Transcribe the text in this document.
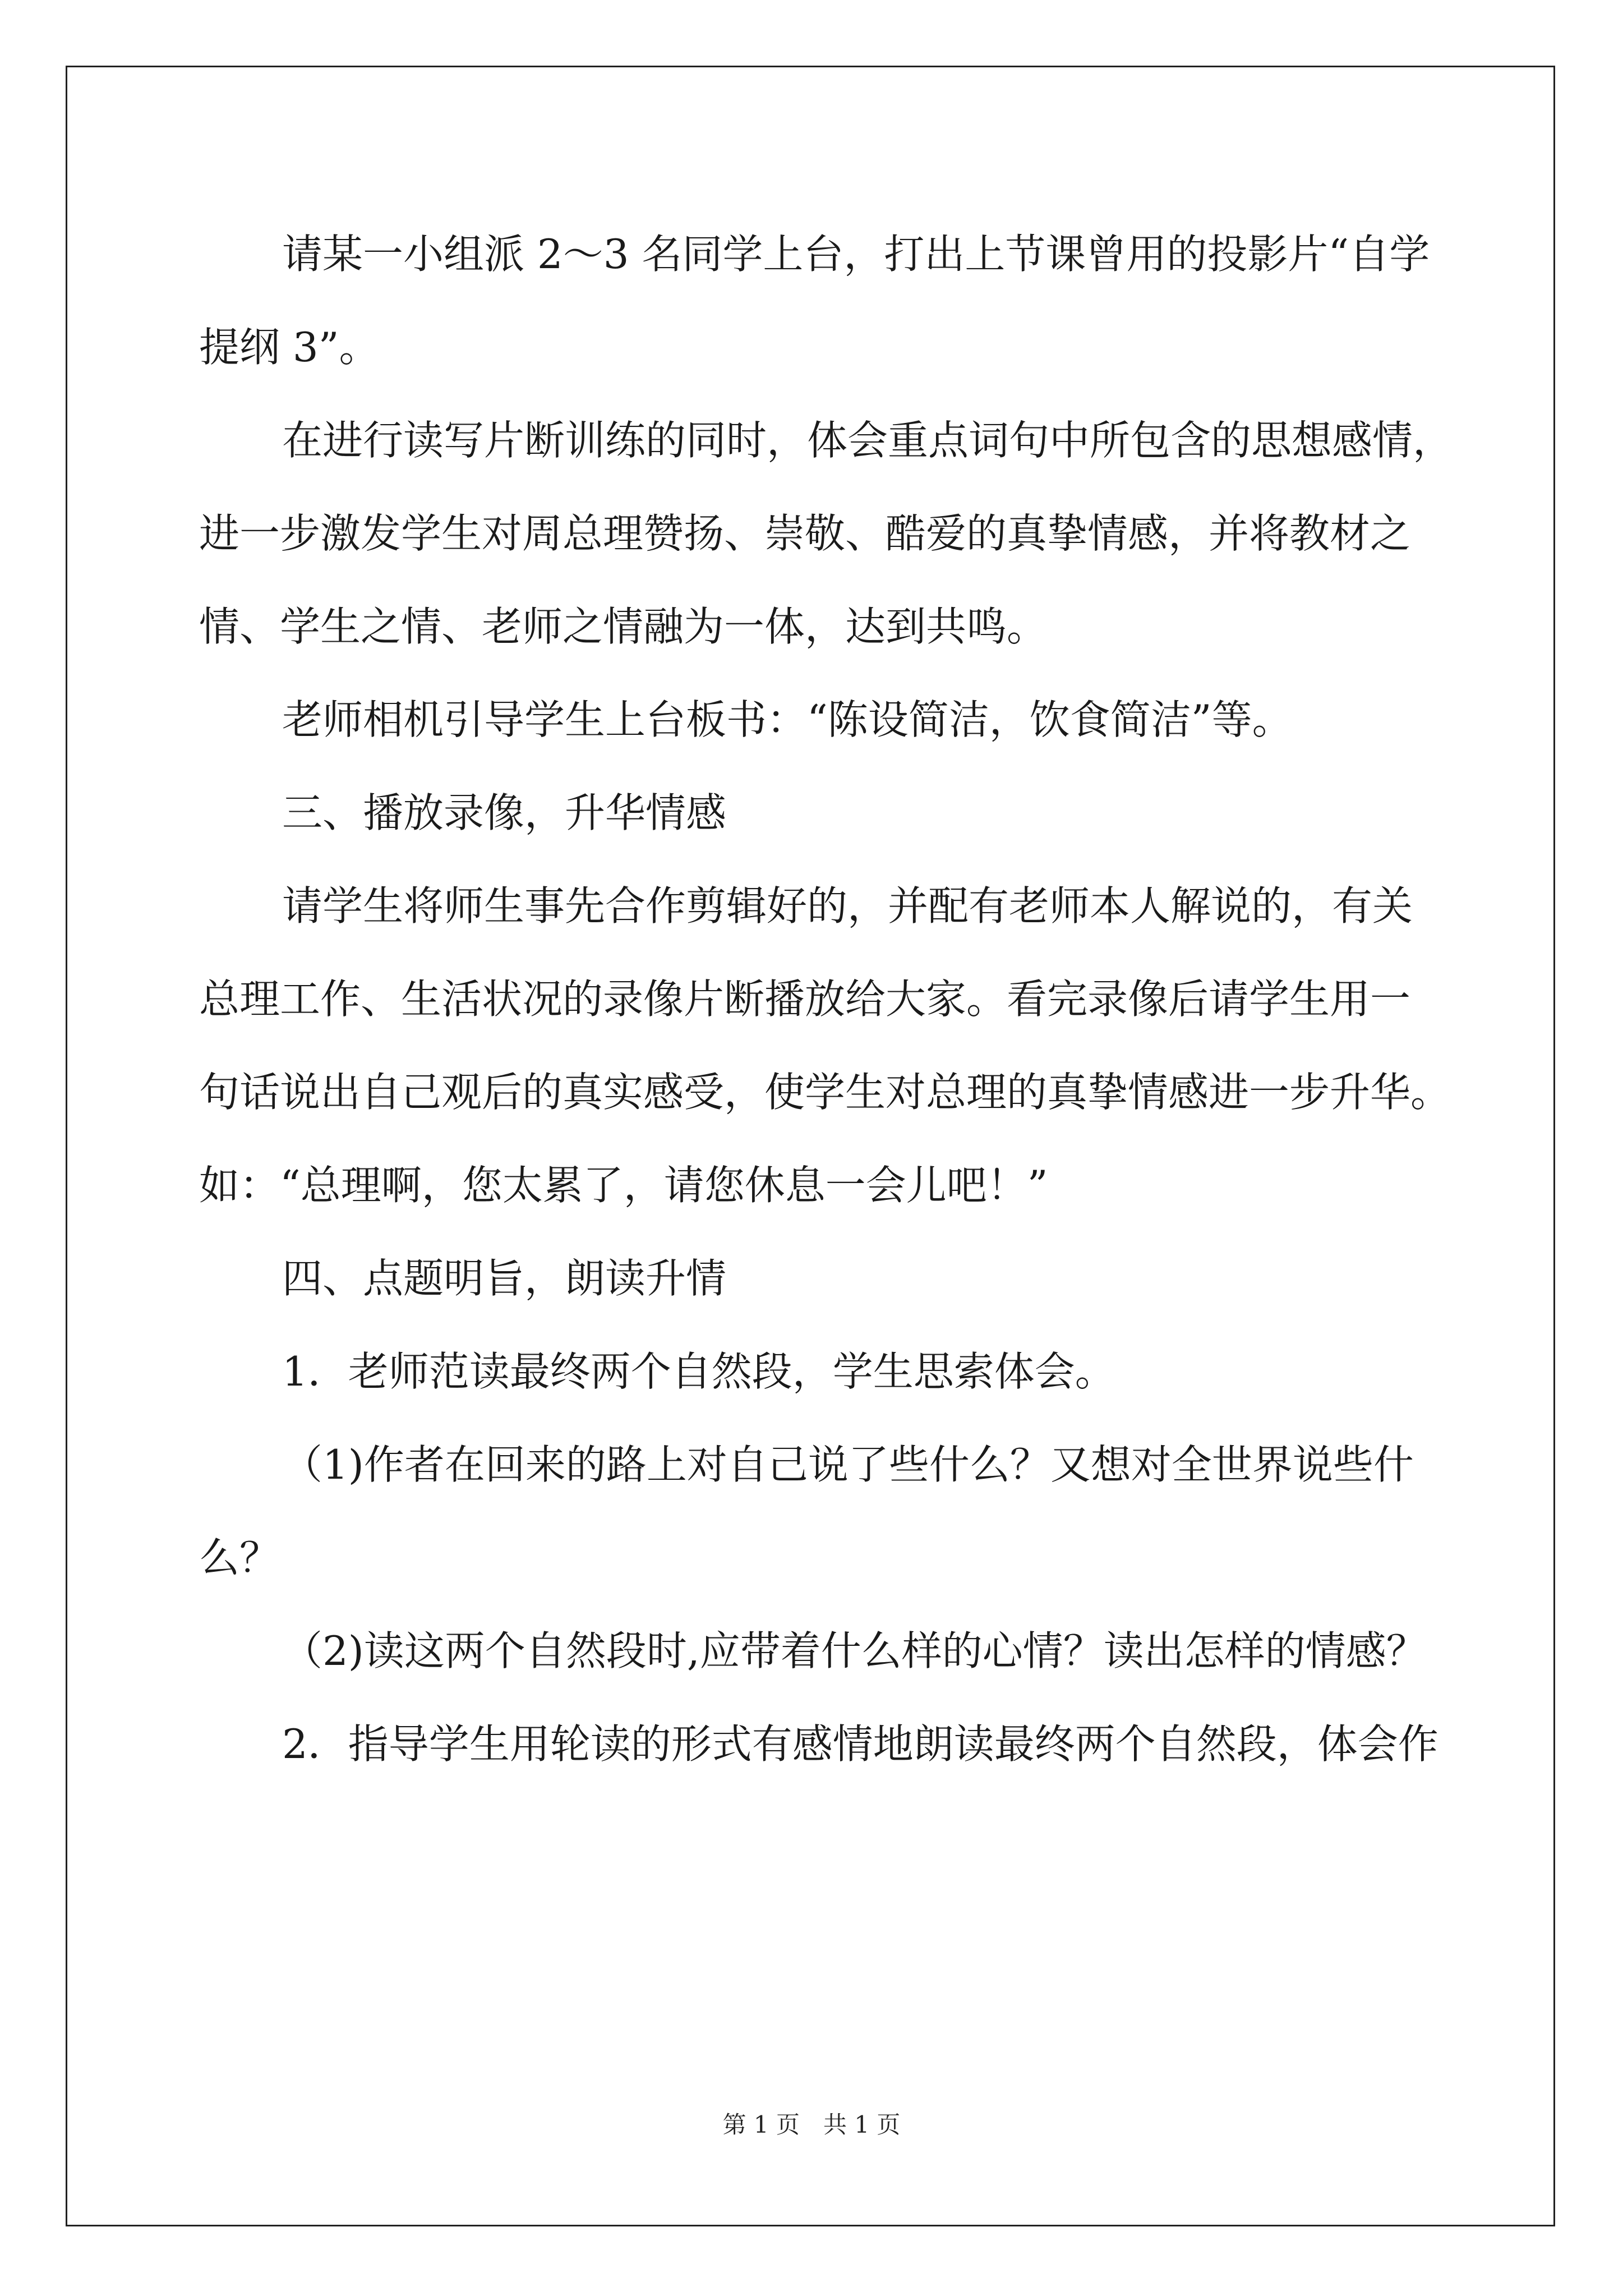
请某一小组派 2～3 名同学上台，打出上节课曾用的投影片“自学
提纲 3”。
在进行读写片断训练的同时，体会重点词句中所包含的思想感情，
进一步激发学生对周总理赞扬、崇敬、酷爱的真挚情感，并将教材之
情、学生之情、老师之情融为一体，达到共鸣。
老师相机引导学生上台板书：“陈设简洁，饮食简洁”等。
三、播放录像，升华情感
请学生将师生事先合作剪辑好的，并配有老师本人解说的，有关
总理工作、生活状况的录像片断播放给大家。看完录像后请学生用一
句话说出自己观后的真实感受，使学生对总理的真挚情感进一步升华。
如：“总理啊，您太累了，请您休息一会儿吧！”
四、点题明旨，朗读升情
1．老师范读最终两个自然段，学生思索体会。
（1)作者在回来的路上对自己说了些什么？又想对全世界说些什
么？
（2)读这两个自然段时,应带着什么样的心情？读出怎样的情感？
2．指导学生用轮读的形式有感情地朗读最终两个自然段，体会作
第 1 页　共 1 页
